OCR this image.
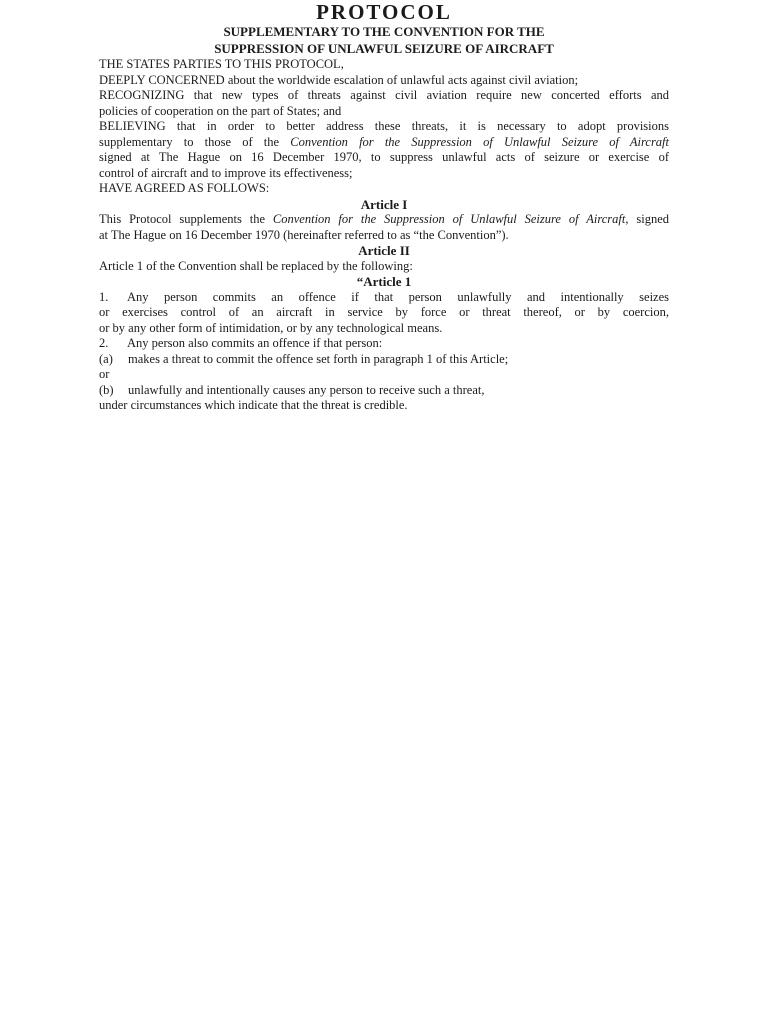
PROTOCOL
SUPPLEMENTARY TO THE CONVENTION FOR THE
SUPPRESSION OF UNLAWFUL SEIZURE OF AIRCRAFT
THE STATES PARTIES TO THIS PROTOCOL,
DEEPLY CONCERNED about the worldwide escalation of unlawful acts against civil aviation;
RECOGNIZING that new types of threats against civil aviation require new concerted efforts and
policies of cooperation on the part of States; and
BELIEVING that in order to better address these threats, it is necessary to adopt provisions
supplementary to those of the Convention for the Suppression of Unlawful Seizure of Aircraft
signed at The Hague on 16 December 1970, to suppress unlawful acts of seizure or exercise of
control of aircraft and to improve its effectiveness;
HAVE AGREED AS FOLLOWS:
Article I
This Protocol supplements the Convention for the Suppression of Unlawful Seizure of Aircraft, signed
at The Hague on 16 December 1970 (hereinafter referred to as “the Convention”).
Article II
Article 1 of the Convention shall be replaced by the following:
“Article 1
1. Any person commits an offence if that person unlawfully and intentionally seizes
or exercises control of an aircraft in service by force or threat thereof, or by coercion,
or by any other form of intimidation, or by any technological means.
2. Any person also commits an offence if that person:
(a) makes a threat to commit the offence set forth in paragraph 1 of this Article;
or
(b) unlawfully and intentionally causes any person to receive such a threat,
under circumstances which indicate that the threat is credible.
